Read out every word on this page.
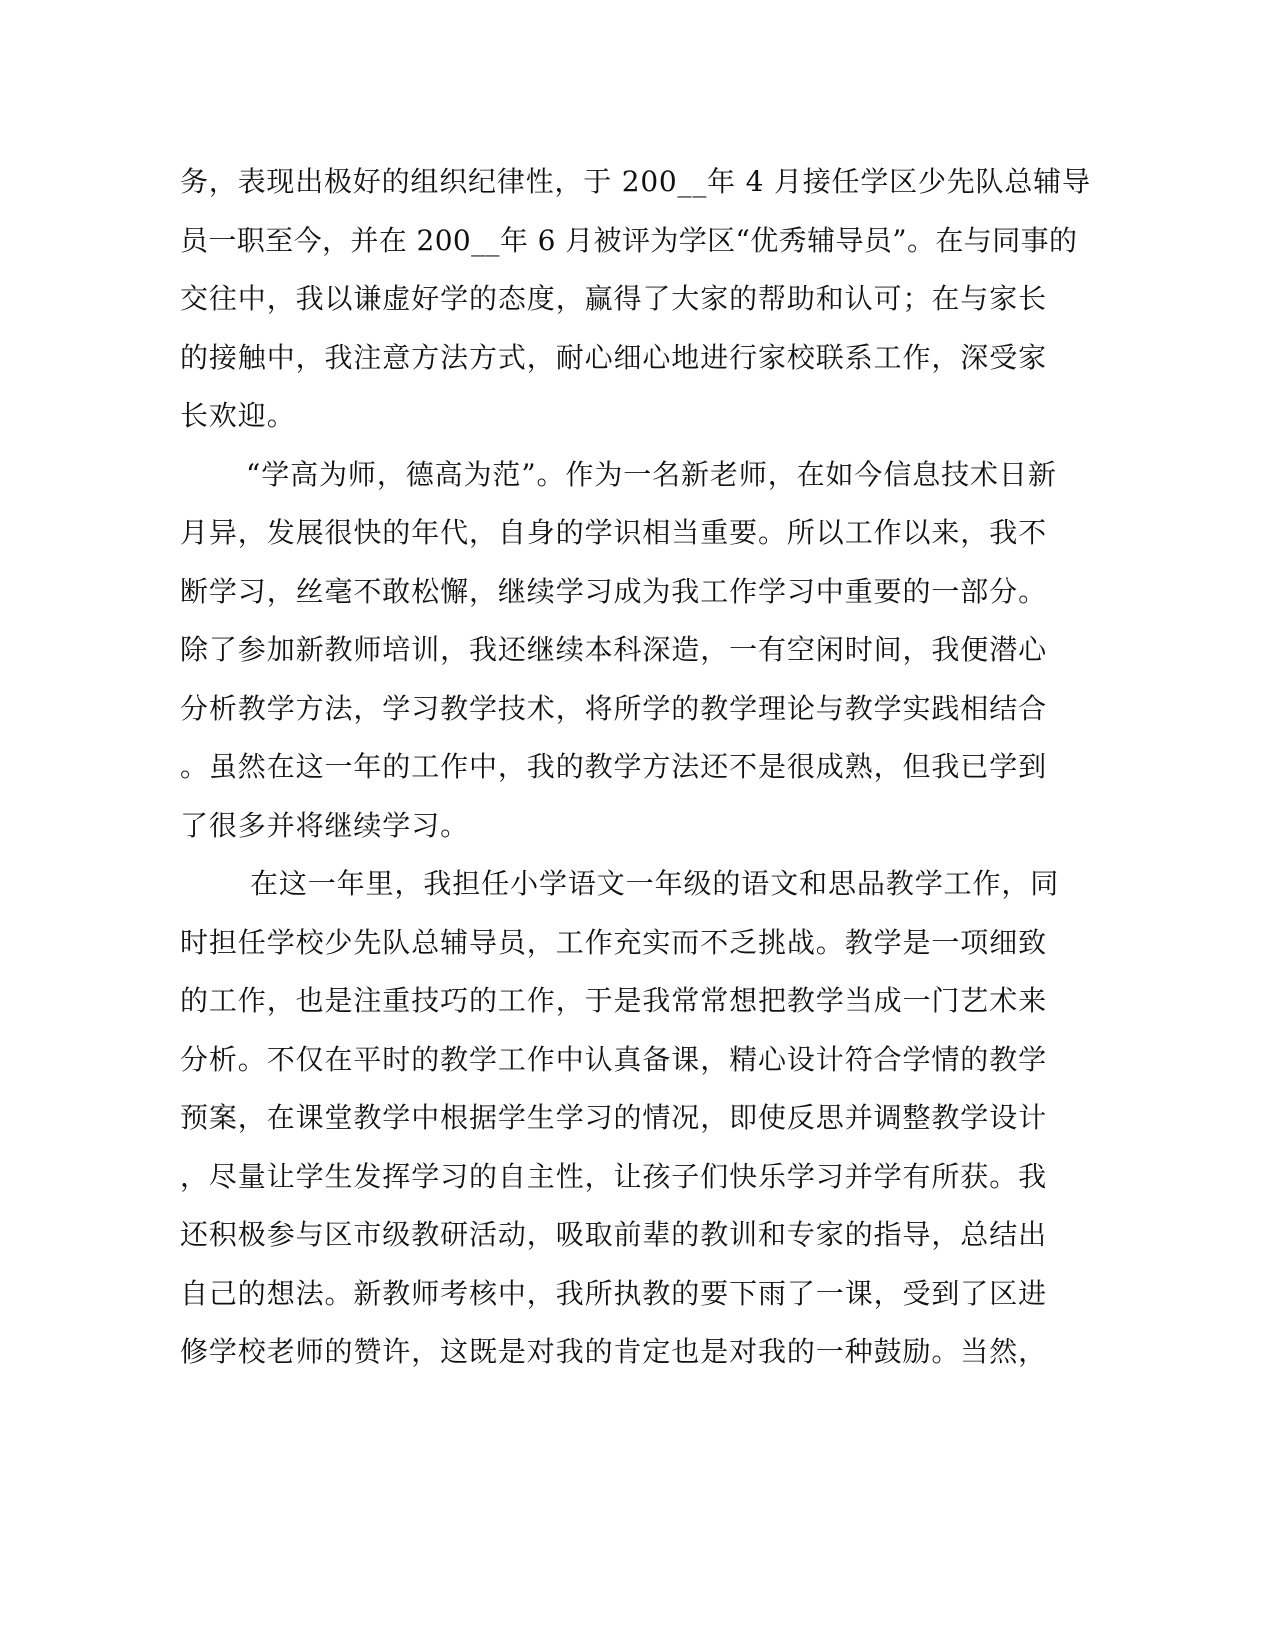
务，表现出极好的组织纪律性，于 200__年 4 月接任学区少先队总辅导
员一职至今，并在 200__年 6 月被评为学区“优秀辅导员”。在与同事的
交往中，我以谦虚好学的态度，赢得了大家的帮助和认可；在与家长
的接触中，我注意方法方式，耐心细心地进行家校联系工作，深受家
长欢迎。
“学高为师，德高为范”。作为一名新老师，在如今信息技术日新
月异，发展很快的年代，自身的学识相当重要。所以工作以来，我不
断学习，丝毫不敢松懈，继续学习成为我工作学习中重要的一部分。
除了参加新教师培训，我还继续本科深造，一有空闲时间，我便潜心
分析教学方法，学习教学技术，将所学的教学理论与教学实践相结合
。虽然在这一年的工作中，我的教学方法还不是很成熟，但我已学到
了很多并将继续学习。
在这一年里，我担任小学语文一年级的语文和思品教学工作，同
时担任学校少先队总辅导员，工作充实而不乏挑战。教学是一项细致
的工作，也是注重技巧的工作，于是我常常想把教学当成一门艺术来
分析。不仅在平时的教学工作中认真备课，精心设计符合学情的教学
预案，在课堂教学中根据学生学习的情况，即使反思并调整教学设计
，尽量让学生发挥学习的自主性，让孩子们快乐学习并学有所获。我
还积极参与区市级教研活动，吸取前辈的教训和专家的指导，总结出
自己的想法。新教师考核中，我所执教的要下雨了一课，受到了区进
修学校老师的赞许，这既是对我的肯定也是对我的一种鼓励。当然，
